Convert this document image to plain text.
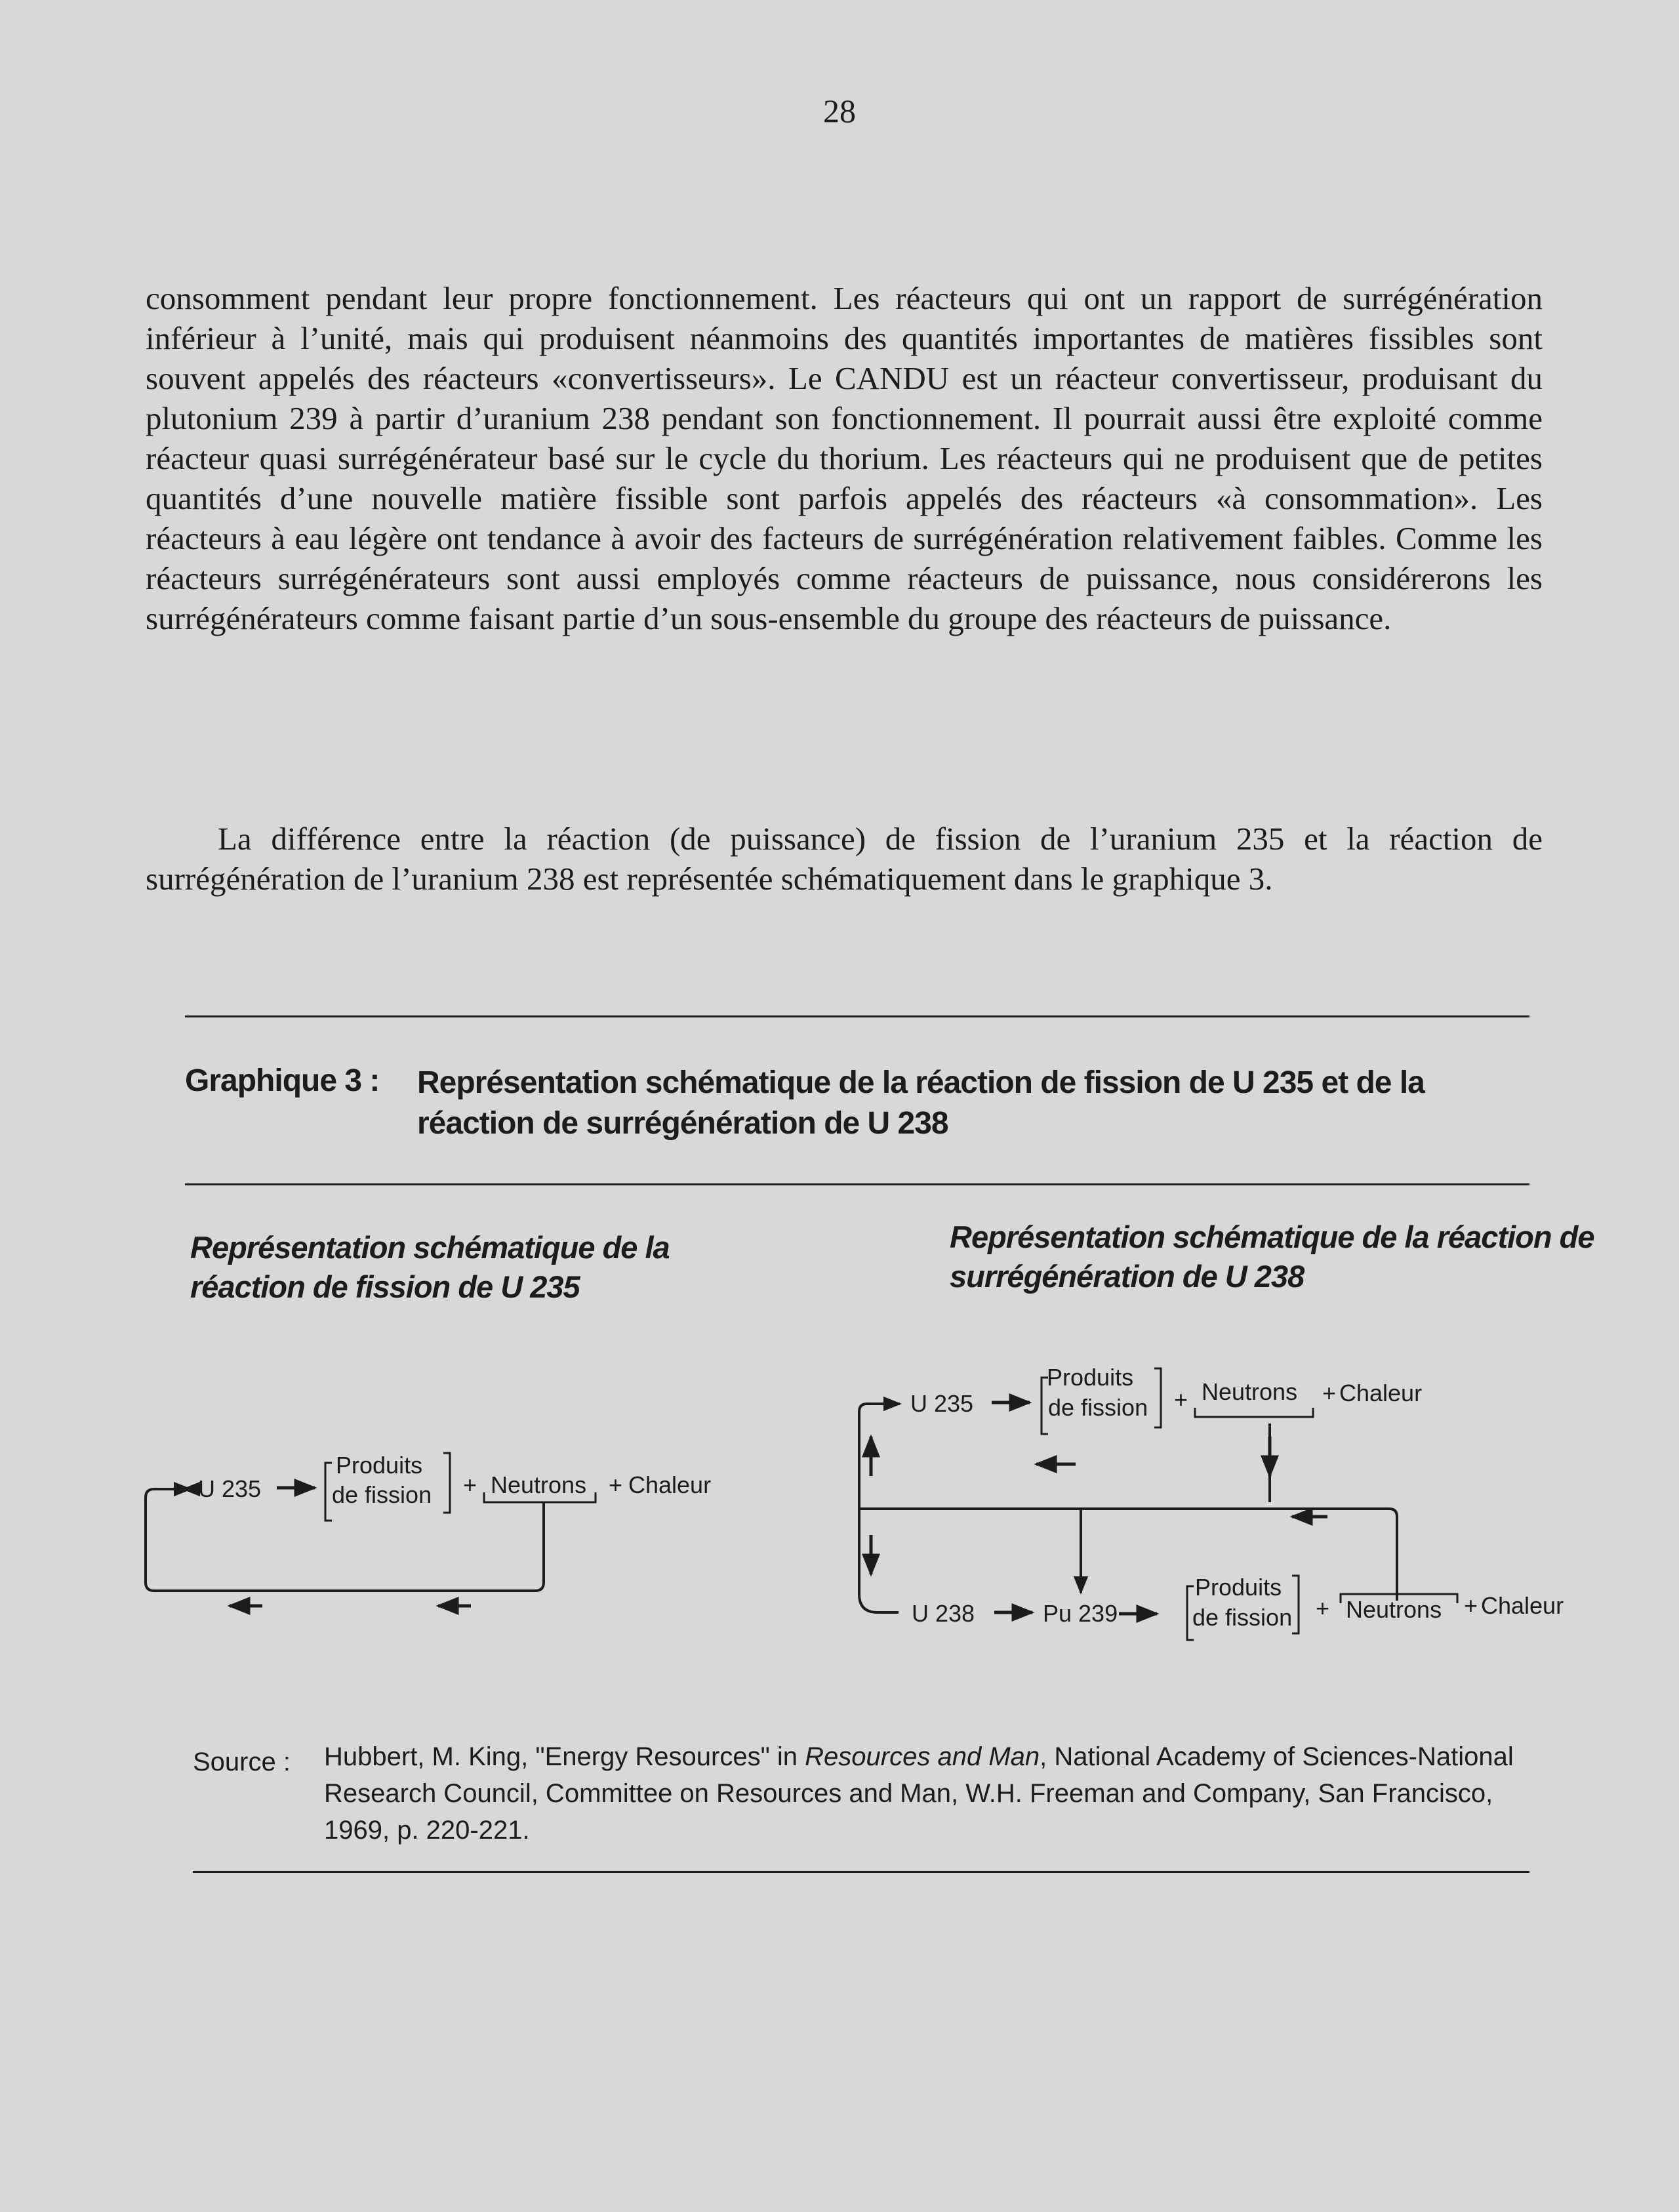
28

consomment pendant leur propre fonctionnement. Les réacteurs qui ont un rapport de surrégénération inférieur à l’unité, mais qui produisent néanmoins des quantités importantes de matières fissibles sont souvent appelés des réacteurs «convertisseurs». Le CANDU est un réacteur convertisseur, produisant du plutonium 239 à partir d’uranium 238 pendant son fonctionnement. Il pourrait aussi être exploité comme réacteur quasi surrégénérateur basé sur le cycle du thorium. Les réacteurs qui ne produisent que de petites quantités d’une nouvelle matière fissible sont parfois appelés des réacteurs «à consommation». Les réacteurs à eau légère ont tendance à avoir des facteurs de surrégénération relativement faibles. Comme les réacteurs surrégénérateurs sont aussi employés comme réacteurs de puissance, nous considérerons les surrégénérateurs comme faisant partie d’un sous-ensemble du groupe des réacteurs de puissance.

La différence entre la réaction (de puissance) de fission de l’uranium 235 et la réaction de surrégénération de l’uranium 238 est représentée schématiquement dans le graphique 3.

Graphique 3 : Représentation schématique de la réaction de fission de U 235 et de la réaction de surrégénération de U 238
Représentation schématique de la réaction de fission de U 235
Représentation schématique de la réaction de surrégénération de U 238
U 235
Produits
de fission + Neutrons + Chaleur
U 235
Produits
de fission + Neutrons + Chaleur
U 238	Pu 239
Produits
de fission + Neutrons + Chaleur
Source : Hubbert, M. King, "Energy Resources" in Resources and Man, National Academy of Sciences-National Research Council, Committee on Resources and Man, W.H. Freeman and Company, San Francisco, 1969, p. 220-221.
